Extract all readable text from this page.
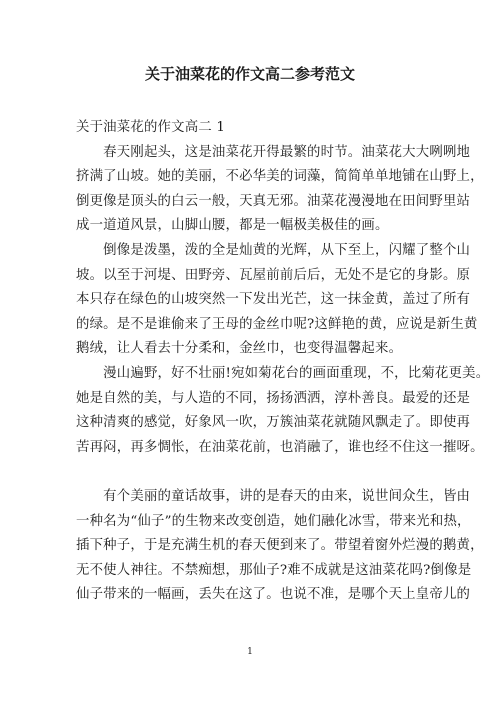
关于油菜花的作文高二参考范文
关于油菜花的作文高二 1
　　春天刚起头，这是油菜花开得最繁的时节。油菜花大大咧咧地
挤满了山坡。她的美丽，不必华美的词藻，简简单单地铺在山野上，
倒更像是顶头的白云一般，天真无邪。油菜花漫漫地在田间野里站
成一道道风景，山脚山腰，都是一幅极美极佳的画。
　　倒像是泼墨，泼的全是灿黄的光辉，从下至上，闪耀了整个山
坡。以至于河堤、田野旁、瓦屋前前后后，无处不是它的身影。原
本只存在绿色的山坡突然一下发出光芒，这一抹金黄，盖过了所有
的绿。是不是谁偷来了王母的金丝巾呢?这鲜艳的黄，应说是新生黄
鹅绒，让人看去十分柔和，金丝巾，也变得温馨起来。
　　漫山遍野，好不壮丽!宛如菊花台的画面重现，不，比菊花更美。
她是自然的美，与人造的不同，扬扬洒洒，淳朴善良。最爱的还是
这种清爽的感觉，好象风一吹，万簇油菜花就随风飘走了。即使再
苦再闷，再多惆怅，在油菜花前，也消融了，谁也经不住这一摧呀。
　　有个美丽的童话故事，讲的是春天的由来，说世间众生，皆由
一种名为“仙子”的生物来改变创造，她们融化冰雪，带来光和热，
插下种子，于是充满生机的春天便到来了。带望着窗外烂漫的鹅黄，
无不使人神往。不禁痴想，那仙子?难不成就是这油菜花吗?倒像是
仙子带来的一幅画，丢失在这了。也说不准，是哪个天上皇帝儿的
1
